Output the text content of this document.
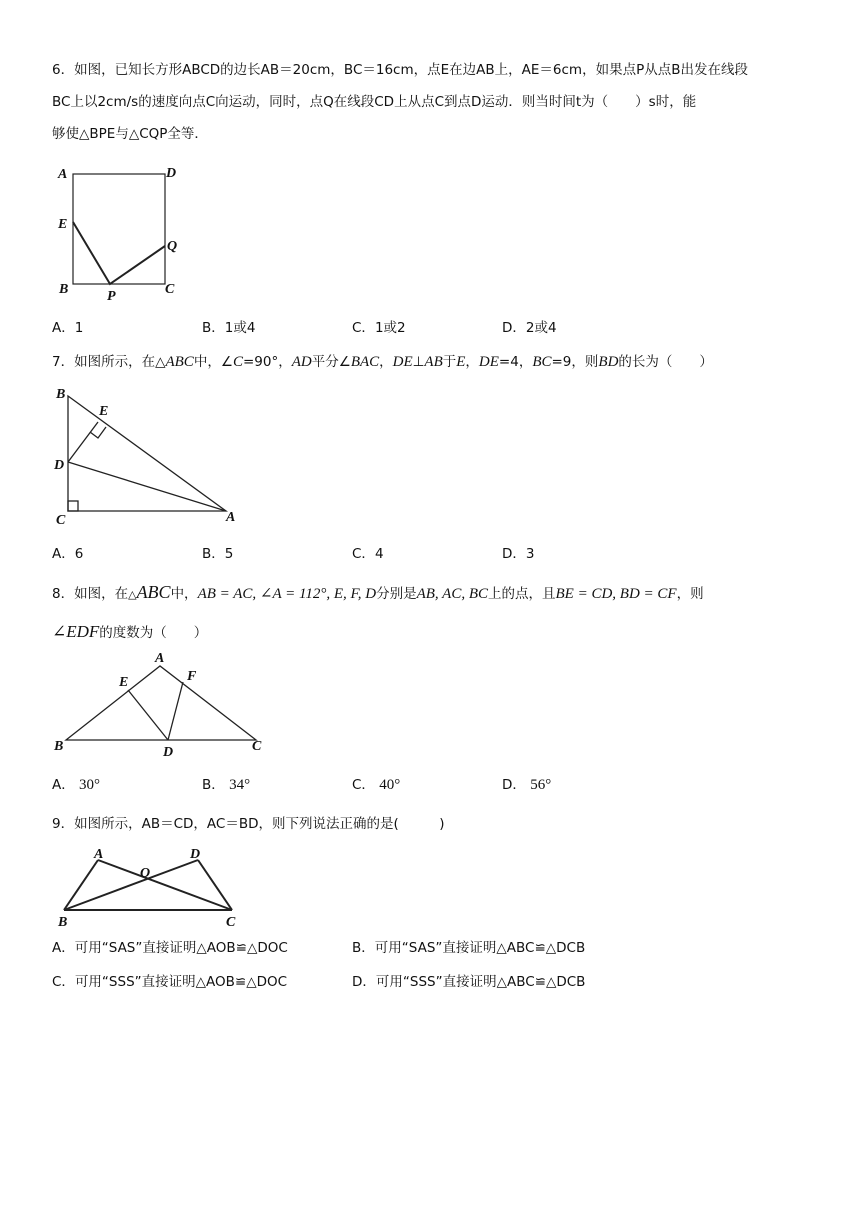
6．如图，已知长方形ABCD的边长AB＝20cm，BC＝16cm，点E在边AB上，AE＝6cm，如果点P从点B出发在线段
BC上以2cm/s的速度向点C向运动，同时，点Q在线段CD上从点C到点D运动．则当时间t为（　　）s时，能
够使△BPE与△CQP全等．
A	D
E
Q
B	P	C
A．1	B．1或4	C．1或2	D．2或4
7．如图所示，在△ABC中，∠C=90°，AD平分∠BAC，DE⊥AB于E，DE=4，BC=9，则BD的长为（　　）
B
E
D
C	A
A．6	B．5	C．4	D．3
8．如图，在△ABC中，AB = AC, ∠A = 112°, E, F, D分别是AB, AC, BC上的点，且BE = CD, BD = CF，则
∠EDF的度数为（　　）
A
E	F
B	D	C
A． 30°	B． 34°	C． 40°	D． 56°
9．如图所示，AB＝CD，AC＝BD，则下列说法正确的是(　　　)
A
O
D
B	C
A．可用“SAS”直接证明△AOB≌△DOC	B．可用“SAS”直接证明△ABC≌△DCB
C．可用“SSS”直接证明△AOB≌△DOC	D．可用“SSS”直接证明△ABC≌△DCB
